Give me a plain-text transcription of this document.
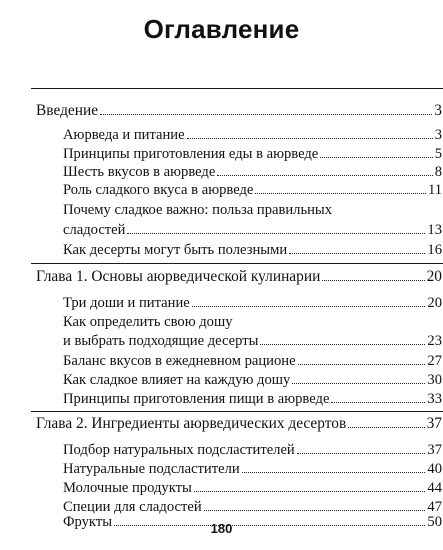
Оглавление
Введение	3
Аюрведа и питание	3
Принципы приготовления еды в аюрведе	5
Шесть вкусов в аюрведе	8
Роль сладкого вкуса в аюрведе	11
Почему сладкое важно: польза правильных
сладостей	13
Как десерты могут быть полезными	16
Глава 1. Основы аюрведической кулинарии	20
Три доши и питание	20
Как определить свою дошу
и выбрать подходящие десерты	23
Баланс вкусов в ежедневном рационе	27
Как сладкое влияет на каждую дошу	30
Принципы приготовления пищи в аюрведе	33
Глава 2. Ингредиенты аюрведических десертов	37
Подбор натуральных подсластителей	37
Натуральные подсластители	40
Молочные продукты	44
Специи для сладостей	47
Фрукты	50
180
